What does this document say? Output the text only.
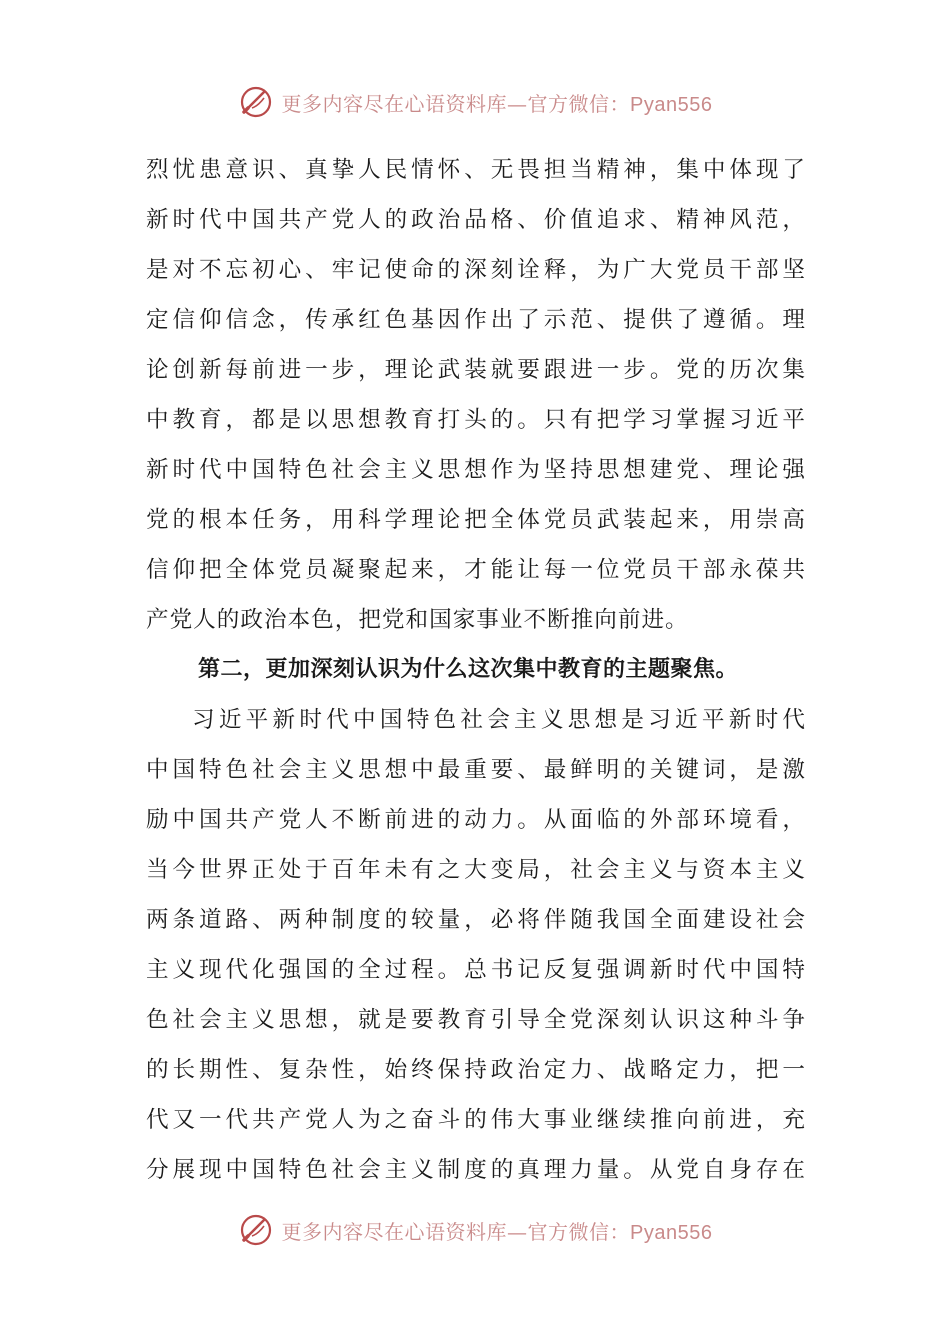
更多内容尽在心语资料库—官方微信：Pyan556
烈忧患意识、真挚人民情怀、无畏担当精神，集中体现了
新时代中国共产党人的政治品格、价值追求、精神风范，
是对不忘初心、牢记使命的深刻诠释，为广大党员干部坚
定信仰信念，传承红色基因作出了示范、提供了遵循。理
论创新每前进一步，理论武装就要跟进一步。党的历次集
中教育，都是以思想教育打头的。只有把学习掌握习近平
新时代中国特色社会主义思想作为坚持思想建党、理论强
党的根本任务，用科学理论把全体党员武装起来，用崇高
信仰把全体党员凝聚起来，才能让每一位党员干部永葆共
产党人的政治本色，把党和国家事业不断推向前进。
第二，更加深刻认识为什么这次集中教育的主题聚焦。
习近平新时代中国特色社会主义思想是习近平新时代
中国特色社会主义思想中最重要、最鲜明的关键词，是激
励中国共产党人不断前进的动力。从面临的外部环境看，
当今世界正处于百年未有之大变局，社会主义与资本主义
两条道路、两种制度的较量，必将伴随我国全面建设社会
主义现代化强国的全过程。总书记反复强调新时代中国特
色社会主义思想，就是要教育引导全党深刻认识这种斗争
的长期性、复杂性，始终保持政治定力、战略定力，把一
代又一代共产党人为之奋斗的伟大事业继续推向前进，充
分展现中国特色社会主义制度的真理力量。从党自身存在
更多内容尽在心语资料库—官方微信：Pyan556
